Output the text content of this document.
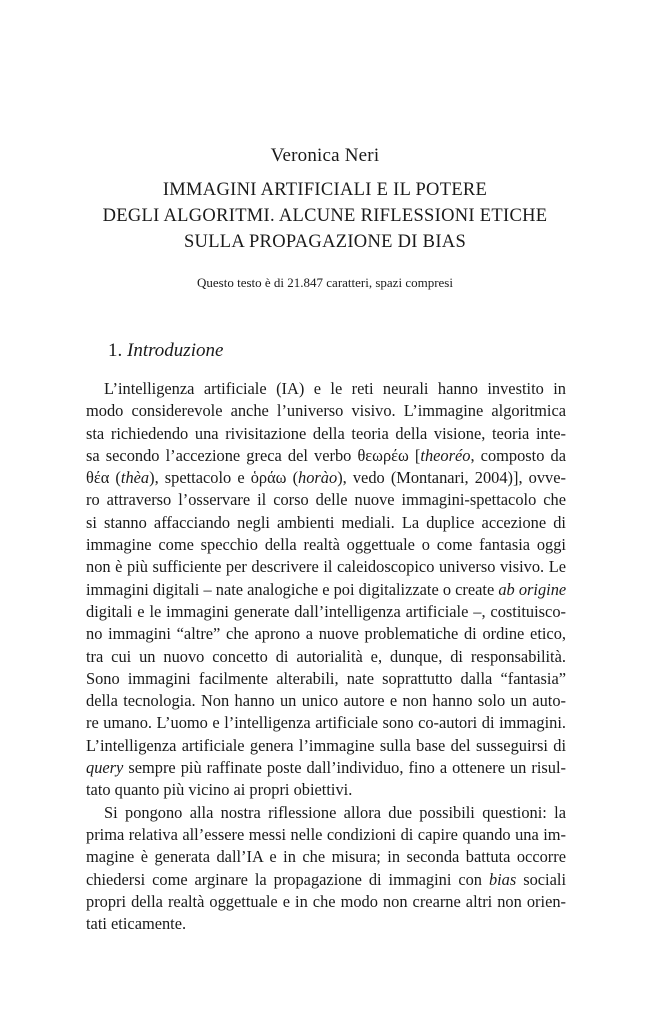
Veronica Neri
IMMAGINI ARTIFICIALI E IL POTERE
DEGLI ALGORITMI. ALCUNE RIFLESSIONI ETICHE
SULLA PROPAGAZIONE DI BIAS
Questo testo è di 21.847 caratteri, spazi compresi
1. Introduzione
L’intelligenza artificiale (IA) e le reti neurali hanno investito in
modo considerevole anche l’universo visivo. L’immagine algoritmica
sta richiedendo una rivisitazione della teoria della visione, teoria inte-
sa secondo l’accezione greca del verbo θεωρέω [theoréo, composto da
θέα (thèa), spettacolo e ὁράω (horào), vedo (Montanari, 2004)], ovve-
ro attraverso l’osservare il corso delle nuove immagini-spettacolo che
si stanno affacciando negli ambienti mediali. La duplice accezione di
immagine come specchio della realtà oggettuale o come fantasia oggi
non è più sufficiente per descrivere il caleidoscopico universo visivo. Le
immagini digitali – nate analogiche e poi digitalizzate o create ab origine
digitali e le immagini generate dall’intelligenza artificiale –, costituisco-
no immagini “altre” che aprono a nuove problematiche di ordine etico,
tra cui un nuovo concetto di autorialità e, dunque, di responsabilità.
Sono immagini facilmente alterabili, nate soprattutto dalla “fantasia”
della tecnologia. Non hanno un unico autore e non hanno solo un auto-
re umano. L’uomo e l’intelligenza artificiale sono co-autori di immagini.
L’intelligenza artificiale genera l’immagine sulla base del susseguirsi di
query sempre più raffinate poste dall’individuo, fino a ottenere un risul-
tato quanto più vicino ai propri obiettivi.
Si pongono alla nostra riflessione allora due possibili questioni: la
prima relativa all’essere messi nelle condizioni di capire quando una im-
magine è generata dall’IA e in che misura; in seconda battuta occorre
chiedersi come arginare la propagazione di immagini con bias sociali
propri della realtà oggettuale e in che modo non crearne altri non orien-
tati eticamente.
